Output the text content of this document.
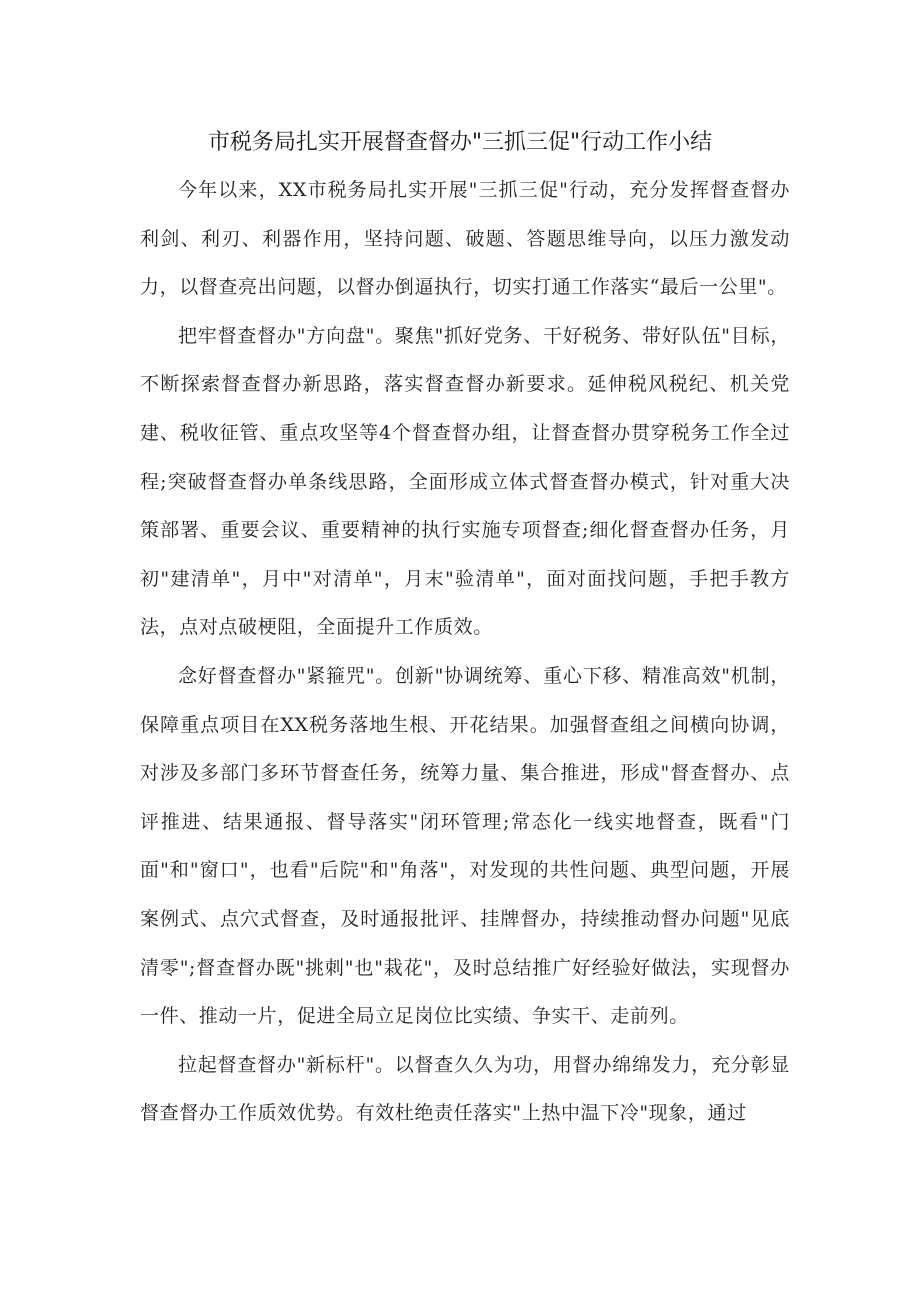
市税务局扎实开展督查督办"三抓三促"行动工作小结

今年以来，XX市税务局扎实开展"三抓三促"行动，充分发挥督查督办利剑、利刃、利器作用，坚持问题、破题、答题思维导向，以压力激发动力，以督查亮出问题，以督办倒逼执行，切实打通工作落实“最后一公里"。

把牢督查督办"方向盘"。聚焦"抓好党务、干好税务、带好队伍"目标，不断探索督查督办新思路，落实督查督办新要求。延伸税风税纪、机关党建、税收征管、重点攻坚等4个督查督办组，让督查督办贯穿税务工作全过程;突破督查督办单条线思路，全面形成立体式督查督办模式，针对重大决策部署、重要会议、重要精神的执行实施专项督查;细化督查督办任务，月初"建清单"，月中"对清单"，月末"验清单"，面对面找问题，手把手教方法，点对点破梗阻，全面提升工作质效。

念好督查督办"紧箍咒"。创新"协调统筹、重心下移、精准高效"机制，保障重点项目在XX税务落地生根、开花结果。加强督查组之间横向协调，对涉及多部门多环节督查任务，统筹力量、集合推进，形成"督查督办、点评推进、结果通报、督导落实"闭环管理;常态化一线实地督查，既看"门面"和"窗口"，也看"后院"和"角落"，对发现的共性问题、典型问题，开展案例式、点穴式督查，及时通报批评、挂牌督办，持续推动督办问题"见底清零";督查督办既"挑刺"也"栽花"，及时总结推广好经验好做法，实现督办一件、推动一片，促进全局立足岗位比实绩、争实干、走前列。

拉起督查督办"新标杆"。以督查久久为功，用督办绵绵发力，充分彰显督查督办工作质效优势。有效杜绝责任落实"上热中温下冷"现象，通过
